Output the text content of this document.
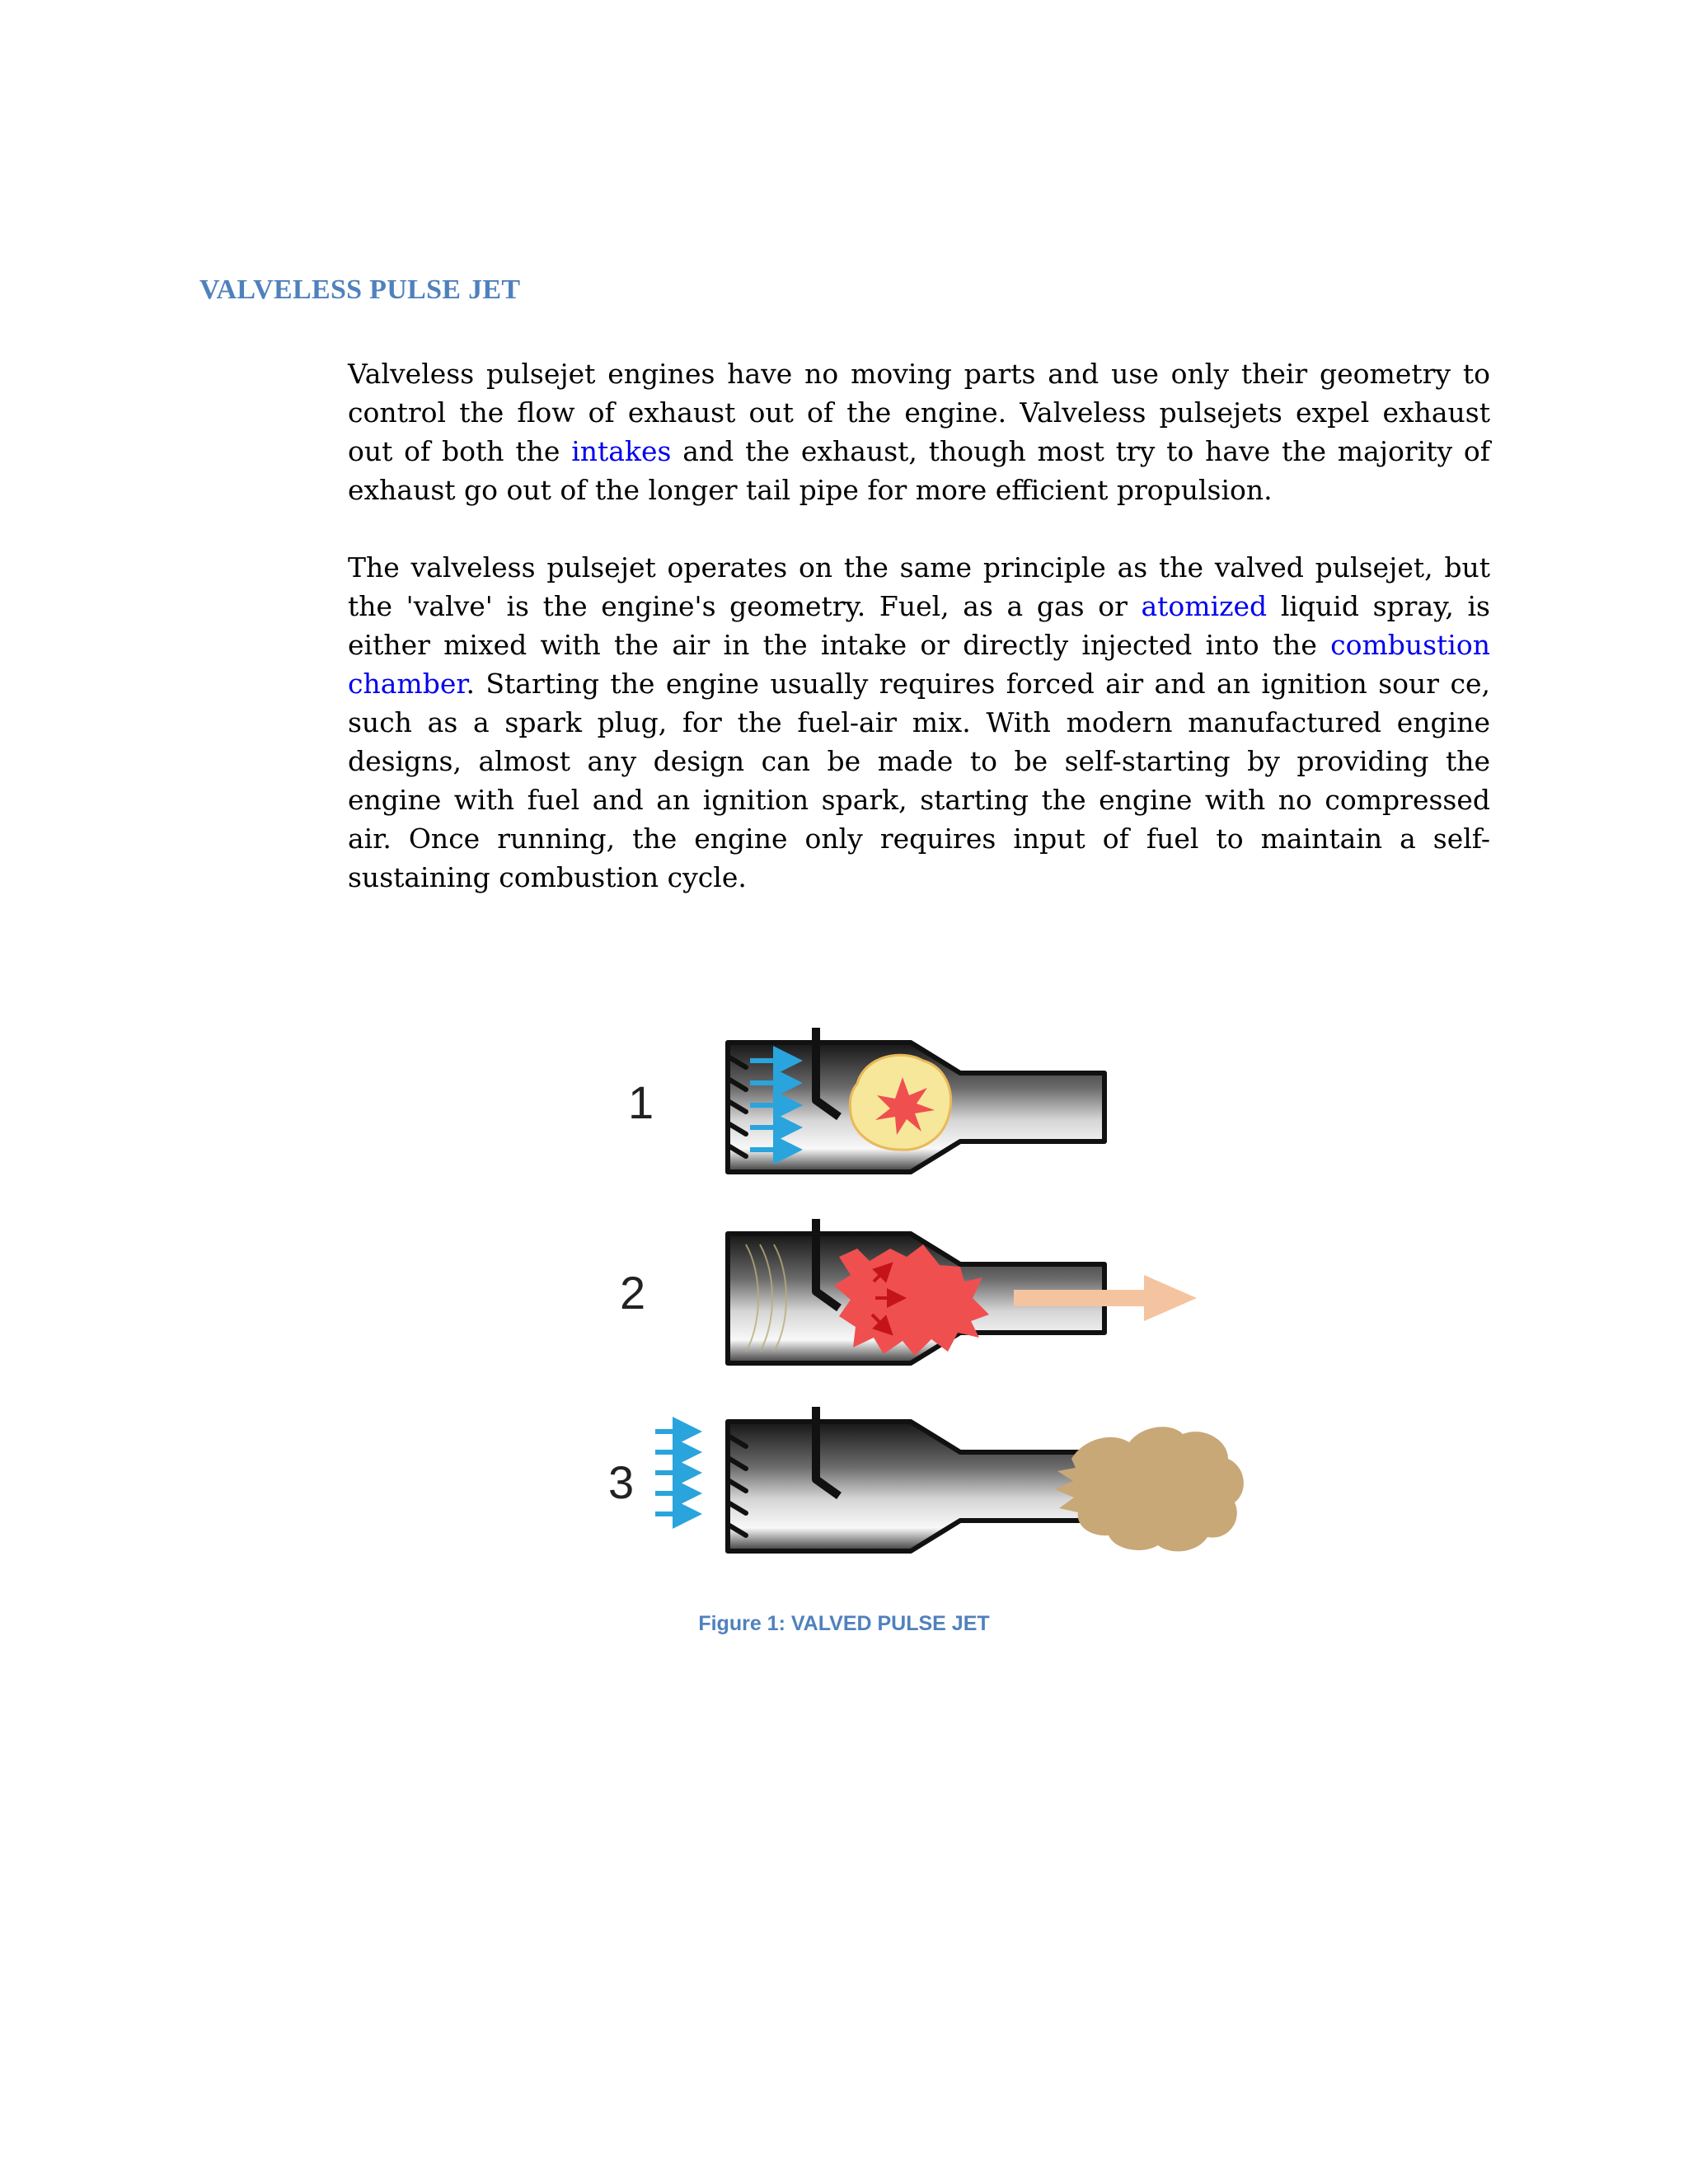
VALVELESS PULSE JET
Valveless pulsejet engines have no moving parts and use only their geometry to
control the flow of exhaust out of the engine. Valveless pulsejets expel exhaust
out of both the intakes and the exhaust, though most try to have the majority of
exhaust go out of the longer tail pipe for more efficient propulsion.
The valveless pulsejet operates on the same principle as the valved pulsejet, but
the 'valve' is the engine's geometry. Fuel, as a gas or atomized liquid spray, is
either mixed with the air in the intake or directly injected into the combustion
chamber. Starting the engine usually requires forced air and an ignition sour ce,
such as a spark plug, for the fuel-air mix. With modern manufactured engine
designs, almost any design can be made to be self-starting by providing the
engine with fuel and an ignition spark, starting the engine with no compressed
air. Once running, the engine only requires input of fuel to maintain a self-
sustaining combustion cycle.
1
2
3
Figure 1: VALVED PULSE JET
